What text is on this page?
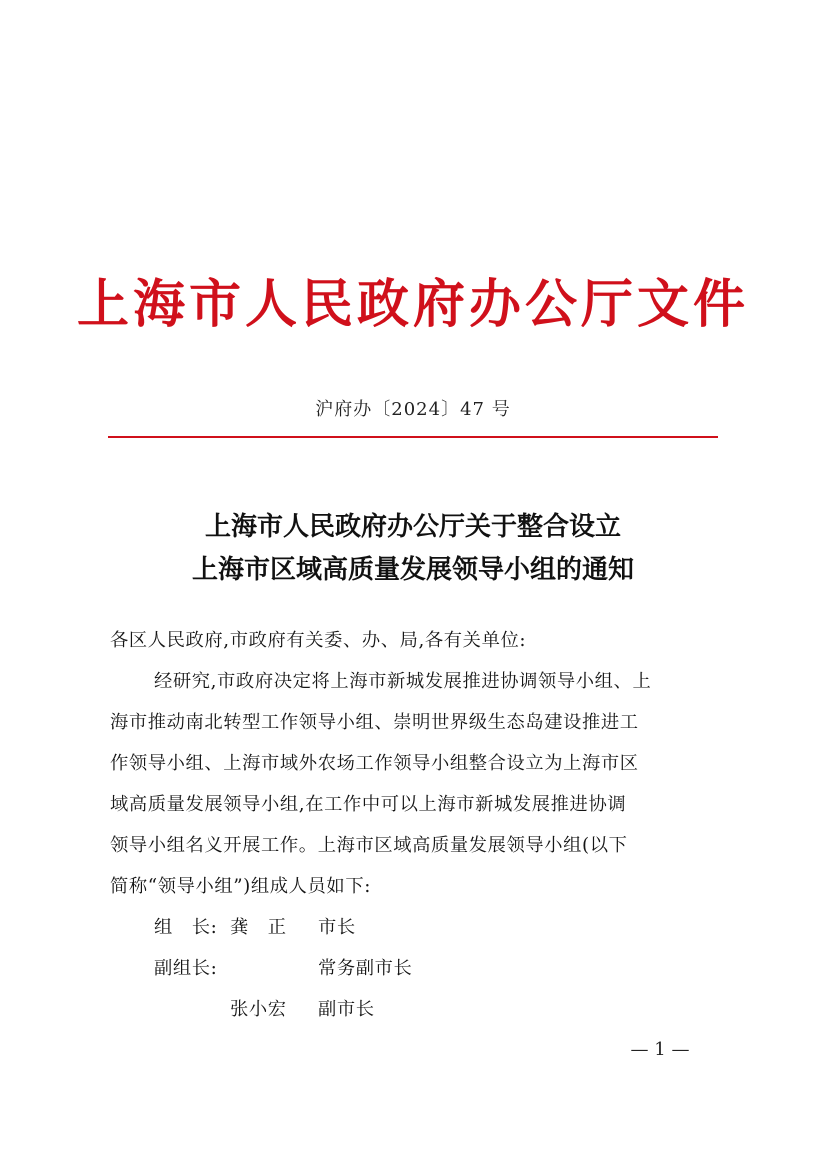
上海市人民政府办公厅文件
沪府办〔2024〕47 号
上海市人民政府办公厅关于整合设立
上海市区域高质量发展领导小组的通知
各区人民政府,市政府有关委、办、局,各有关单位:
经研究,市政府决定将上海市新城发展推进协调领导小组、上
海市推动南北转型工作领导小组、崇明世界级生态岛建设推进工
作领导小组、上海市域外农场工作领导小组整合设立为上海市区
域高质量发展领导小组,在工作中可以上海市新城发展推进协调
领导小组名义开展工作。上海市区域高质量发展领导小组(以下
简称“领导小组”)组成人员如下:
组　长: 龚　正 市长
副组长:	常务副市长
张小宏 副市长
— 1 —
